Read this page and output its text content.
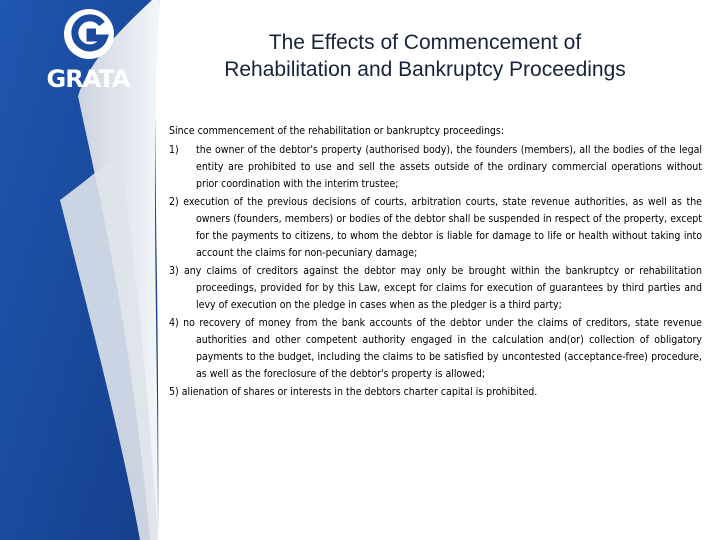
GRATA
The Effects of Commencement of
Rehabilitation and Bankruptcy Proceedings

Since commencement of the rehabilitation or bankruptcy proceedings:

1) the owner of the debtor's property (authorised body), the founders (members), all the bodies of the legal entity are prohibited to use and sell the assets outside of the ordinary commercial operations without prior coordination with the interim trustee;
2) execution of the previous decisions of courts, arbitration courts, state revenue authorities, as well as the owners (founders, members) or bodies of the debtor shall be suspended in respect of the property, except for the payments to citizens, to whom the debtor is liable for damage to life or health without taking into account the claims for non-pecuniary damage;
3) any claims of creditors against the debtor may only be brought within the bankruptcy or rehabilitation proceedings, provided for by this Law, except for claims for execution of guarantees by third parties and levy of execution on the pledge in cases when as the pledger is a third party;
4) no recovery of money from the bank accounts of the debtor under the claims of creditors, state revenue authorities and other competent authority engaged in the calculation and(or) collection of obligatory payments to the budget, including the claims to be satisfied by uncontested (acceptance-free) procedure, as well as the foreclosure of the debtor's property is allowed;
5) alienation of shares or interests in the debtors charter capital is prohibited.
